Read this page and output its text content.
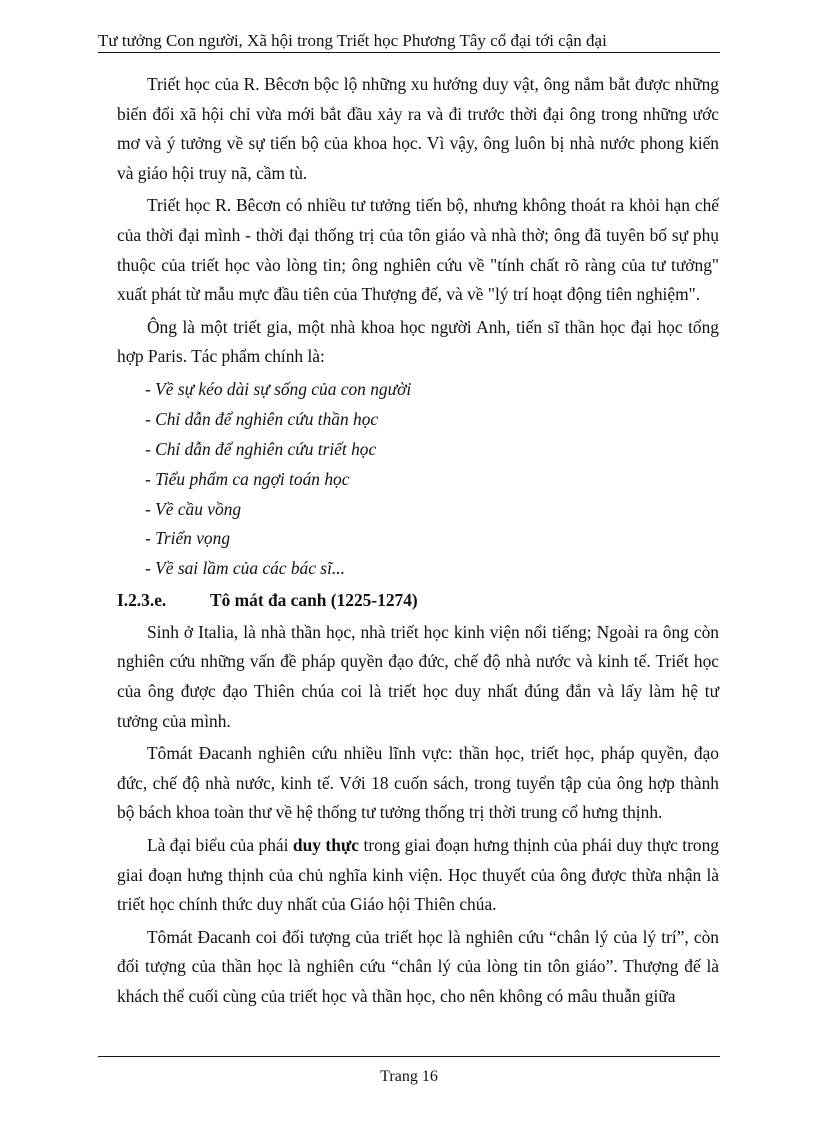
Tư tưởng Con người, Xã hội trong Triết học Phương Tây cổ đại tới cận đại

Triết học của R. Bêcơn bộc lộ những xu hướng duy vật, ông nắm bắt được những biến đổi xã hội chỉ vừa mới bắt đầu xảy ra và đi trước thời đại ông trong những ước mơ và ý tưởng về sự tiến bộ của khoa học. Vì vậy, ông luôn bị nhà nước phong kiến và giáo hội truy nã, cầm tù.

Triết học R. Bêcơn có nhiều tư tưởng tiến bộ, nhưng không thoát ra khỏi hạn chế của thời đại mình - thời đại thống trị của tôn giáo và nhà thờ; ông đã tuyên bố sự phụ thuộc của triết học vào lòng tin; ông nghiên cứu về "tính chất rõ ràng của tư tưởng" xuất phát từ mẫu mực đầu tiên của Thượng đế, và về "lý trí hoạt động tiên nghiệm".

Ông là một triết gia, một nhà khoa học người Anh, tiến sĩ thần học đại học tổng hợp Paris. Tác phẩm chính là:

- Về sự kéo dài sự sống của con người
- Chỉ dẫn để nghiên cứu thần học
- Chỉ dẫn để nghiên cứu triết học
- Tiểu phẩm ca ngợi toán học
- Về cầu vồng
- Triển vọng
- Về sai lầm của các bác sĩ...
I.2.3.e.	Tô mát đa canh (1225-1274)

Sinh ở Italia, là nhà thần học, nhà triết học kinh viện nổi tiếng; Ngoài ra ông còn nghiên cứu những vấn đề pháp quyền đạo đức, chế độ nhà nước và kinh tế. Triết học của ông được đạo Thiên chúa coi là triết học duy nhất đúng đắn và lấy làm hệ tư tưởng của mình.

Tômát Đacanh nghiên cứu nhiều lĩnh vực: thần học, triết học, pháp quyền, đạo đức, chế độ nhà nước, kinh tế. Với 18 cuốn sách, trong tuyển tập của ông hợp thành bộ bách khoa toàn thư về hệ thống tư tưởng thống trị thời trung cổ hưng thịnh.

Là đại biểu của phái duy thực trong giai đoạn hưng thịnh của phái duy thực trong giai đoạn hưng thịnh của chủ nghĩa kinh viện. Học thuyết của ông được thừa nhận là triết học chính thức duy nhất của Giáo hội Thiên chúa.

Tômát Đacanh coi đối tượng của triết học là nghiên cứu “chân lý của lý trí”, còn đối tượng của thần học là nghiên cứu “chân lý của lòng tin tôn giáo”. Thượng đế là khách thể cuối cùng của triết học và thần học, cho nên không có mâu thuẫn giữa

Trang 16
